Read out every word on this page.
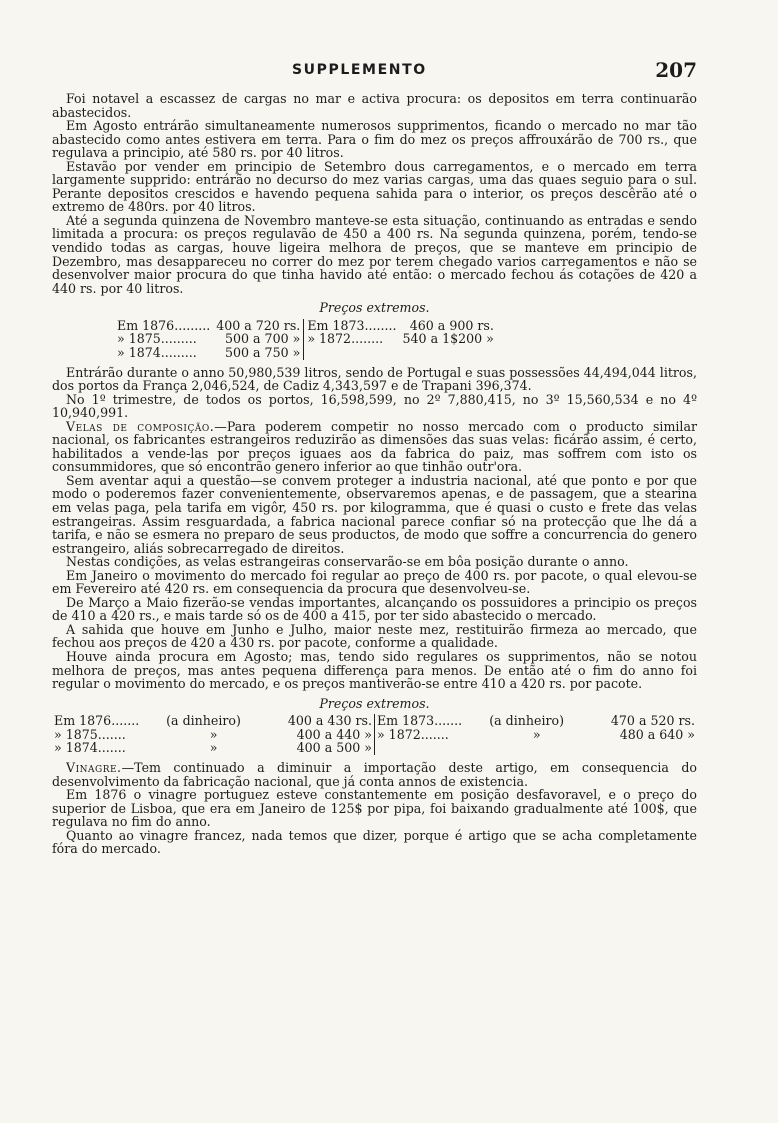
SUPPLEMENTO	207

Foi notavel a escassez de cargas no mar e activa procura: os depositos em terra continuarão abastecidos.

Em Agosto entrárão simultaneamente numerosos supprimentos, ficando o mercado no mar tão abastecido como antes estivera em terra. Para o fim do mez os preços affrouxárão de 700 rs., que regulava a principio, até 580 rs. por 40 litros.

Estavão por vender em principio de Setembro dous carregamentos, e o mercado em terra largamente supprido: entrárão no decurso do mez varias cargas, uma das quaes seguio para o sul. Perante depositos crescidos e havendo pequena sahida para o interior, os preços descêrão até o extremo de 480rs. por 40 litros.

Até a segunda quinzena de Novembro manteve-se esta situação, continuando as entradas e sendo limitada a procura: os preços regulavão de 450 a 400 rs. Na segunda quinzena, porém, tendo-se vendido todas as cargas, houve ligeira melhora de preços, que se manteve em principio de Dezembro, mas desappareceu no correr do mez por terem chegado varios carregamentos e não se desenvolver maior procura do que tinha havido até então: o mercado fechou ás cotações de 420 a 440 rs. por 40 litros.

Preços extremos.

Em 1876.........	400 a 720 rs.	Em 1873........	460 a 900 rs.
» 1875.........	500 a 700 »	» 1872........	540 a 1$200 »
» 1874.........	500 a 750 »		

Entrárão durante o anno 50,980,539 litros, sendo de Portugal e suas possessões 44,494,044 litros, dos portos da França 2,046,524, de Cadiz 4,343,597 e de Trapani 396,374.

No 1º trimestre, de todos os portos, 16,598,599, no 2º 7,880,415, no 3º 15,560,534 e no 4º 10,940,991.

Velas de composição.—Para poderem competir no nosso mercado com o producto similar nacional, os fabricantes estrangeiros reduzirão as dimensões das suas velas: ficárão assim, é certo, habilitados a vende-las por preços iguaes aos da fabrica do paiz, mas soffrem com isto os consummidores, que só encontrão genero inferior ao que tinhão outr'ora.

Sem aventar aqui a questão—se convem proteger a industria nacional, até que ponto e por que modo o poderemos fazer convenientemente, observaremos apenas, e de passagem, que a stearina em velas paga, pela tarifa em vigôr, 450 rs. por kilogramma, que é quasi o custo e frete das velas estrangeiras. Assim resguardada, a fabrica nacional parece confiar só na protecção que lhe dá a tarifa, e não se esmera no preparo de seus productos, de modo que soffre a concurrencia do genero estrangeiro, aliás sobrecarregado de direitos.

Nestas condições, as velas estrangeiras conservarão-se em bôa posição durante o anno.

Em Janeiro o movimento do mercado foi regular ao preço de 400 rs. por pacote, o qual elevou-se em Fevereiro até 420 rs. em consequencia da procura que desenvolveu-se.

De Março a Maio fizerão-se vendas importantes, alcançando os possuidores a principio os preços de 410 a 420 rs., e mais tarde só os de 400 a 415, por ter sido abastecido o mercado.

A sahida que houve em Junho e Julho, maior neste mez, restituirão firmeza ao mercado, que fechou aos preços de 420 a 430 rs. por pacote, conforme a qualidade.

Houve ainda procura em Agosto; mas, tendo sido regulares os supprimentos, não se notou melhora de preços, mas antes pequena differença para menos. De então até o fim do anno foi regular o movimento do mercado, e os preços mantiverão-se entre 410 a 420 rs. por pacote.

Preços extremos.

Em 1876.......	(a dinheiro)	400 a 430 rs.	Em 1873.......	(a dinheiro)	470 a 520 rs.
» 1875.......	»	400 a 440 »	» 1872.......	»	480 a 640 »
» 1874.......	»	400 a 500 »			

Vinagre.—Tem continuado a diminuir a importação deste artigo, em consequencia do desenvolvimento da fabricação nacional, que já conta annos de existencia.

Em 1876 o vinagre portuguez esteve constantemente em posição desfavoravel, e o preço do superior de Lisboa, que era em Janeiro de 125$ por pipa, foi baixando gradualmente até 100$, que regulava no fim do anno.

Quanto ao vinagre francez, nada temos que dizer, porque é artigo que se acha completamente fóra do mercado.
